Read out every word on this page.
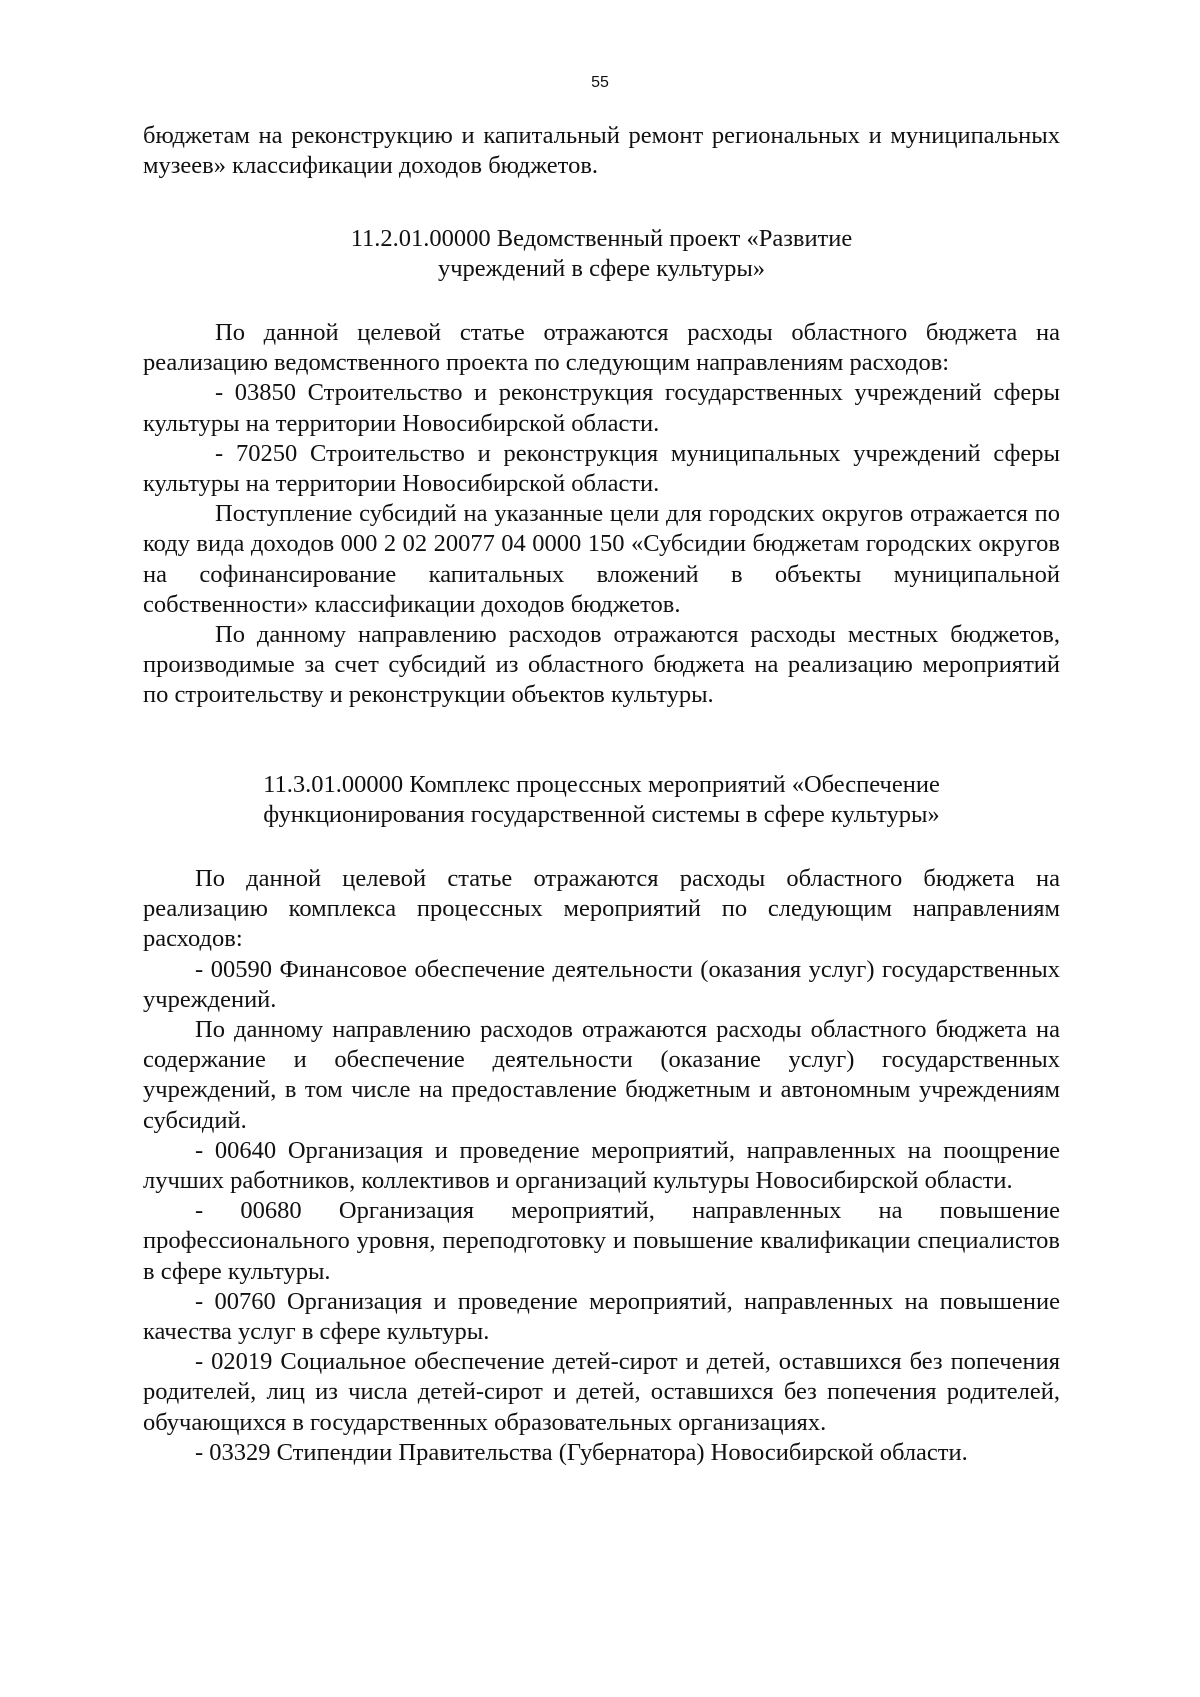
55

бюджетам на реконструкцию и капитальный ремонт региональных и муниципальных музеев» классификации доходов бюджетов.

11.2.01.00000 Ведомственный проект «Развитие

учреждений в сфере культуры»

По данной целевой статье отражаются расходы областного бюджета на реализацию ведомственного проекта по следующим направлениям расходов:

- 03850 Строительство и реконструкция государственных учреждений сферы культуры на территории Новосибирской области.

- 70250 Строительство и реконструкция муниципальных учреждений сферы культуры на территории Новосибирской области.

Поступление субсидий на указанные цели для городских округов отражается по коду вида доходов 000 2 02 20077 04 0000 150 «Субсидии бюджетам городских округов на софинансирование капитальных вложений в объекты муниципальной собственности» классификации доходов бюджетов.

По данному направлению расходов отражаются расходы местных бюджетов, производимые за счет субсидий из областного бюджета на реализацию мероприятий по строительству и реконструкции объектов культуры.

11.3.01.00000 Комплекс процессных мероприятий «Обеспечение

функционирования государственной системы в сфере культуры»

По данной целевой статье отражаются расходы областного бюджета на реализацию комплекса процессных мероприятий по следующим направлениям расходов:

- 00590 Финансовое обеспечение деятельности (оказания услуг) государственных учреждений.

По данному направлению расходов отражаются расходы областного бюджета на содержание и обеспечение деятельности (оказание услуг) государственных учреждений, в том числе на предоставление бюджетным и автономным учреждениям субсидий.

- 00640 Организация и проведение мероприятий, направленных на поощрение лучших работников, коллективов и организаций культуры Новосибирской области.

- 00680 Организация мероприятий, направленных на повышение профессионального уровня, переподготовку и повышение квалификации специалистов в сфере культуры.

- 00760 Организация и проведение мероприятий, направленных на повышение качества услуг в сфере культуры.

- 02019 Социальное обеспечение детей-сирот и детей, оставшихся без попечения родителей, лиц из числа детей-сирот и детей, оставшихся без попечения родителей, обучающихся в государственных образовательных организациях.

- 03329 Стипендии Правительства (Губернатора) Новосибирской области.
